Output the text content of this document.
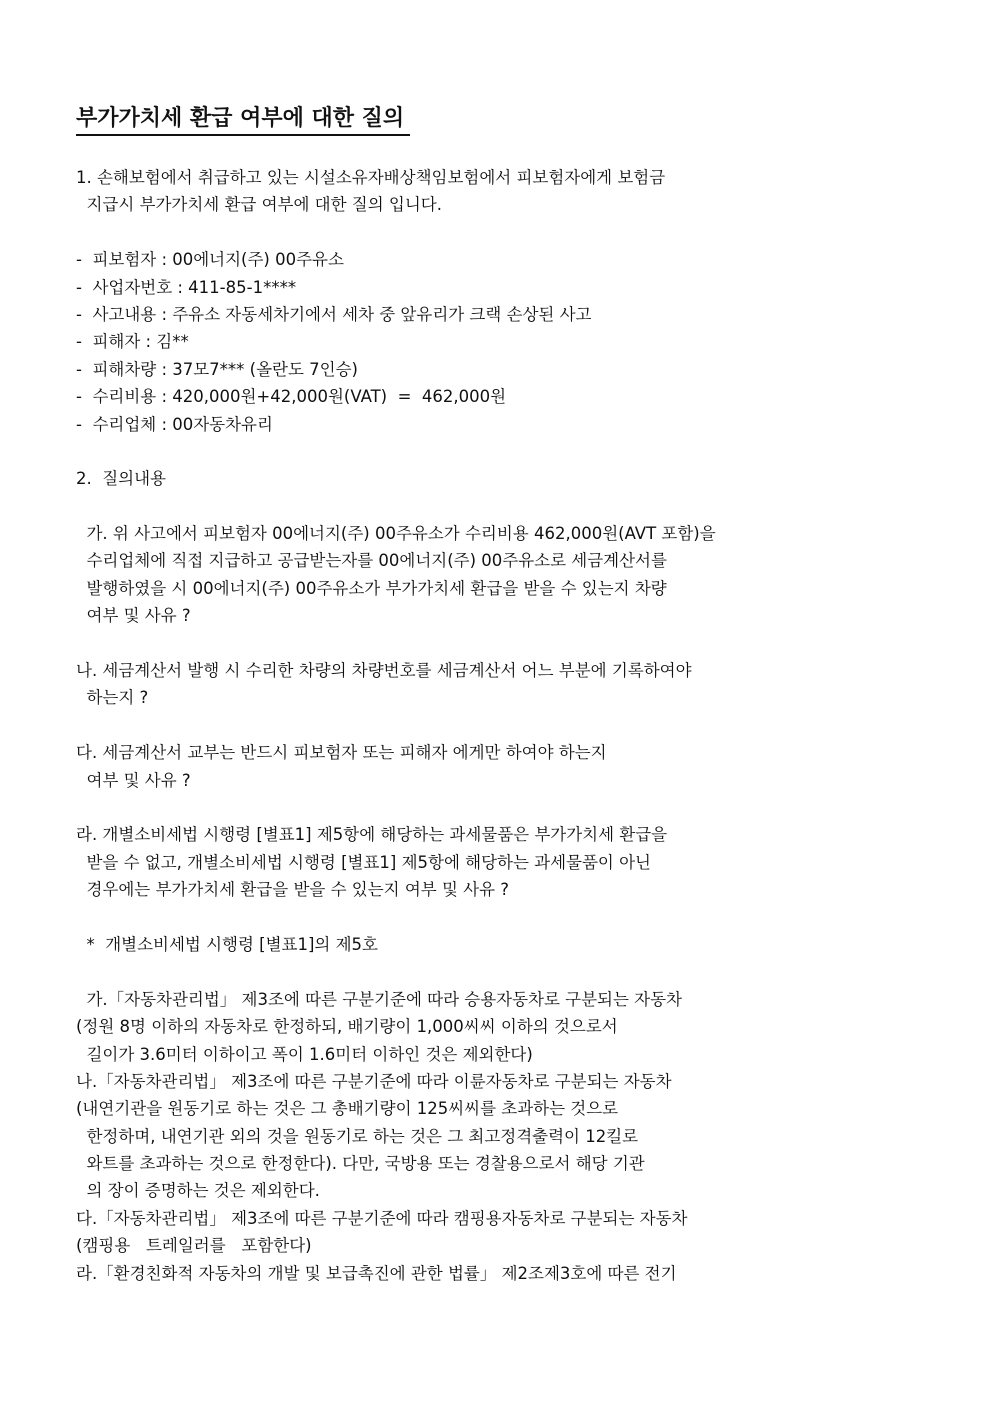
부가가치세 환급 여부에 대한 질의
1. 손해보험에서 취급하고 있는 시설소유자배상책임보험에서 피보험자에게 보험금
지급시 부가가치세 환급 여부에 대한 질의 입니다.
-  피보험자 : 00에너지(주) 00주유소
-  사업자번호 : 411-85-1****
-  사고내용 : 주유소 자동세차기에서 세차 중 앞유리가 크랙 손상된 사고
-  피해자 : 김**
-  피해차량 : 37모7*** (올란도 7인승)
-  수리비용 : 420,000원+42,000원(VAT)  =  462,000원
-  수리업체 : 00자동차유리
2.  질의내용
가. 위 사고에서 피보험자 00에너지(주) 00주유소가 수리비용 462,000원(AVT 포함)을
수리업체에 직접 지급하고 공급받는자를 00에너지(주) 00주유소로 세금계산서를
발행하였을 시 00에너지(주) 00주유소가 부가가치세 환급을 받을 수 있는지 차량
여부 및 사유 ?
나. 세금계산서 발행 시 수리한 차량의 차량번호를 세금계산서 어느 부분에 기록하여야
하는지 ?
다. 세금계산서 교부는 반드시 피보험자 또는 피해자 에게만 하여야 하는지
여부 및 사유 ?
라. 개별소비세법 시행령 [별표1] 제5항에 해당하는 과세물품은 부가가치세 환급을
받을 수 없고, 개별소비세법 시행령 [별표1] 제5항에 해당하는 과세물품이 아닌
경우에는 부가가치세 환급을 받을 수 있는지 여부 및 사유 ?
*  개별소비세법 시행령 [별표1]의 제5호
가.「자동차관리법」 제3조에 따른 구분기준에 따라 승용자동차로 구분되는 자동차
(정원 8명 이하의 자동차로 한정하되, 배기량이 1,000씨씨 이하의 것으로서
길이가 3.6미터 이하이고 폭이 1.6미터 이하인 것은 제외한다)
나.「자동차관리법」 제3조에 따른 구분기준에 따라 이륜자동차로 구분되는 자동차
(내연기관을 원동기로 하는 것은 그 총배기량이 125씨씨를 초과하는 것으로
한정하며, 내연기관 외의 것을 원동기로 하는 것은 그 최고정격출력이 12킬로
와트를 초과하는 것으로 한정한다). 다만, 국방용 또는 경찰용으로서 해당 기관
의 장이 증명하는 것은 제외한다.
다.「자동차관리법」 제3조에 따른 구분기준에 따라 캠핑용자동차로 구분되는 자동차
(캠핑용   트레일러를   포함한다)
라.「환경친화적 자동차의 개발 및 보급촉진에 관한 법률」 제2조제3호에 따른 전기
